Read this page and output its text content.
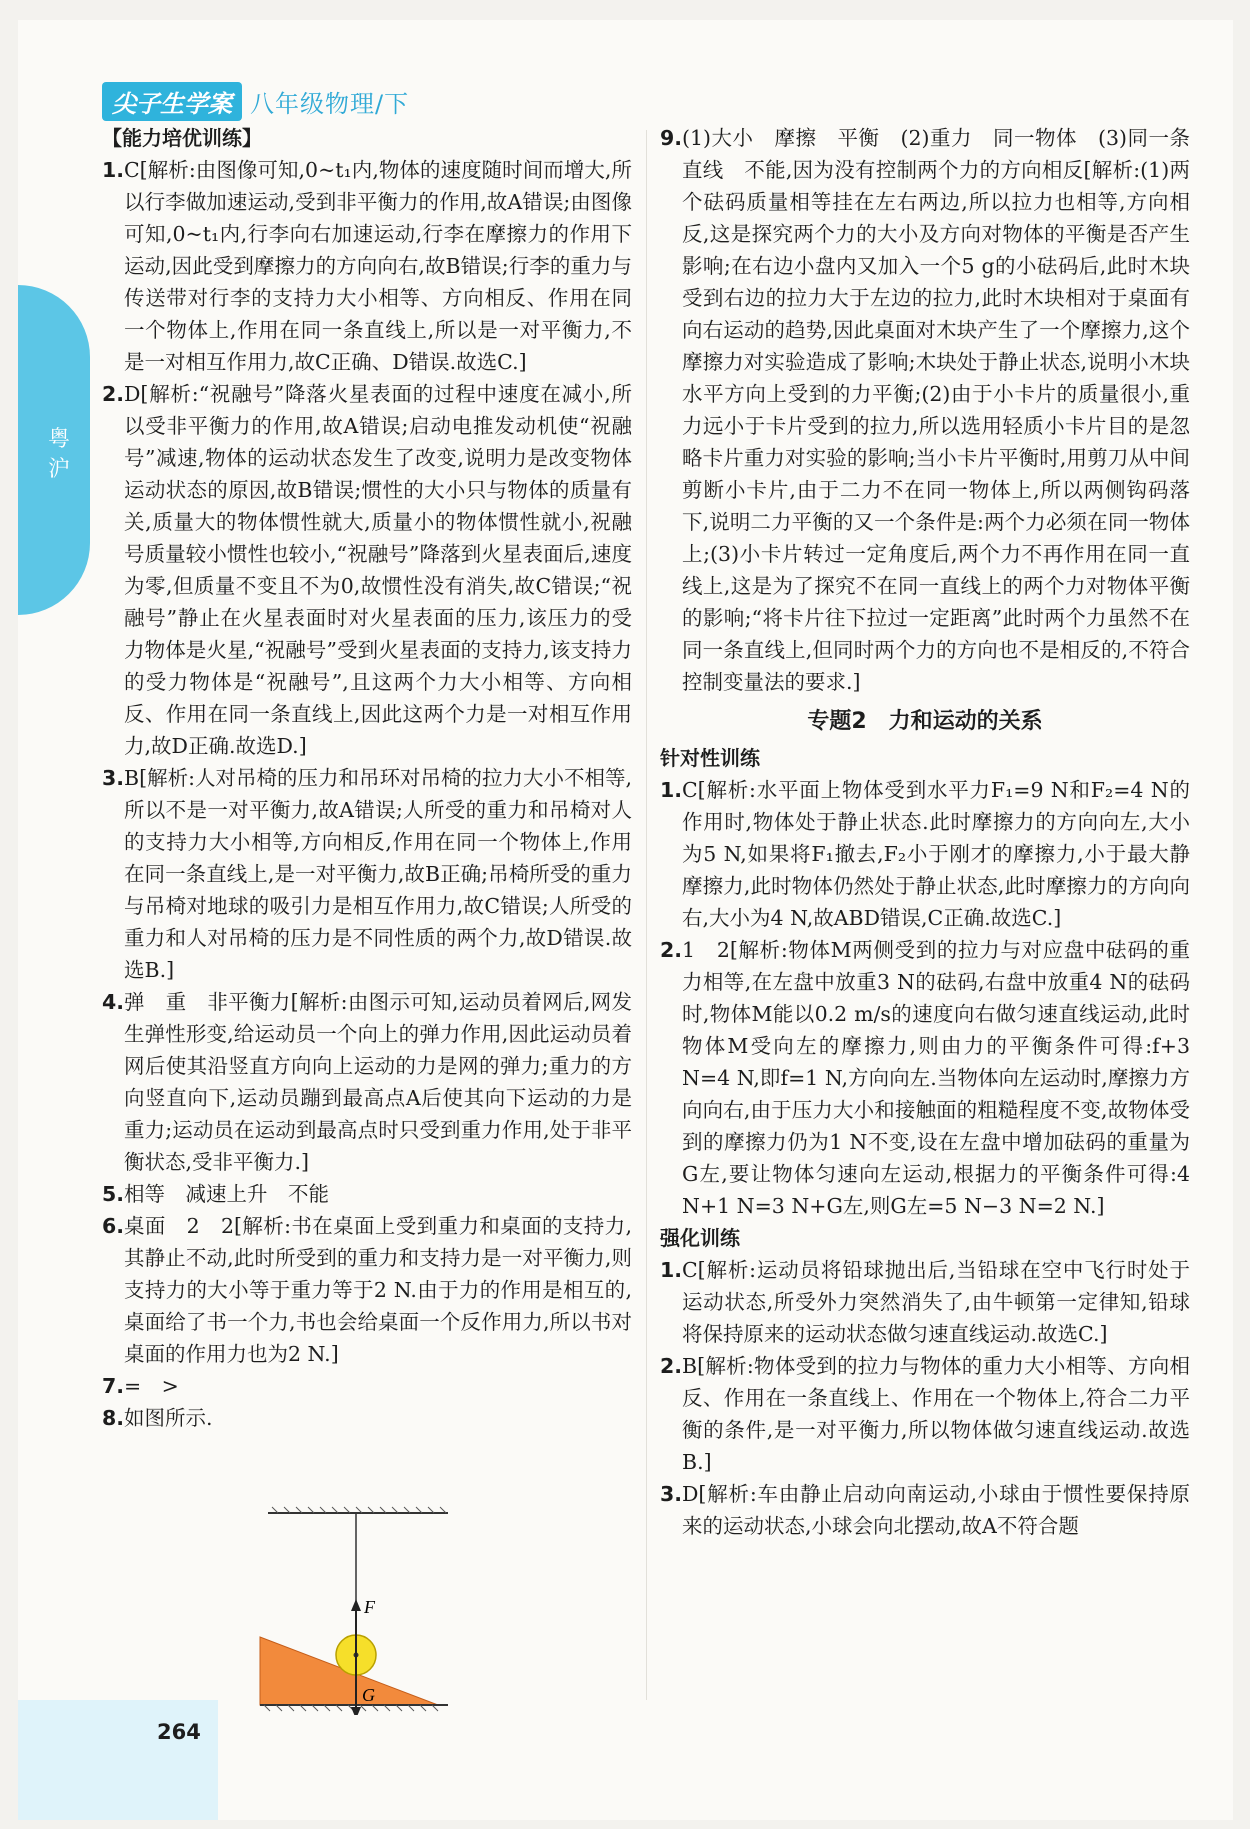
粤沪
尖子生学案 八年级物理/下
【能力培优训练】
1. C[解析:由图像可知,0~t₁内,物体的速度随时间而增大,所以行李做加速运动,受到非平衡力的作用,故A错误;由图像可知,0~t₁内,行李向右加速运动,行李在摩擦力的作用下运动,因此受到摩擦力的方向向右,故B错误;行李的重力与传送带对行李的支持力大小相等、方向相反、作用在同一个物体上,作用在同一条直线上,所以是一对平衡力,不是一对相互作用力,故C正确、D错误.故选C.]
2. D[解析:“祝融号”降落火星表面的过程中速度在减小,所以受非平衡力的作用,故A错误;启动电推发动机使“祝融号”减速,物体的运动状态发生了改变,说明力是改变物体运动状态的原因,故B错误;惯性的大小只与物体的质量有关,质量大的物体惯性就大,质量小的物体惯性就小,祝融号质量较小惯性也较小,“祝融号”降落到火星表面后,速度为零,但质量不变且不为0,故惯性没有消失,故C错误;“祝融号”静止在火星表面时对火星表面的压力,该压力的受力物体是火星,“祝融号”受到火星表面的支持力,该支持力的受力物体是“祝融号”,且这两个力大小相等、方向相反、作用在同一条直线上,因此这两个力是一对相互作用力,故D正确.故选D.]
3. B[解析:人对吊椅的压力和吊环对吊椅的拉力大小不相等,所以不是一对平衡力,故A错误;人所受的重力和吊椅对人的支持力大小相等,方向相反,作用在同一个物体上,作用在同一条直线上,是一对平衡力,故B正确;吊椅所受的重力与吊椅对地球的吸引力是相互作用力,故C错误;人所受的重力和人对吊椅的压力是不同性质的两个力,故D错误.故选B.]
4. 弹　重　非平衡力[解析:由图示可知,运动员着网后,网发生弹性形变,给运动员一个向上的弹力作用,因此运动员着网后使其沿竖直方向向上运动的力是网的弹力;重力的方向竖直向下,运动员蹦到最高点A后使其向下运动的力是重力;运动员在运动到最高点时只受到重力作用,处于非平衡状态,受非平衡力.]
5. 相等　减速上升　不能
6. 桌面　2　2[解析:书在桌面上受到重力和桌面的支持力,其静止不动,此时所受到的重力和支持力是一对平衡力,则支持力的大小等于重力等于2 N.由于力的作用是相互的,桌面给了书一个力,书也会给桌面一个反作用力,所以书对桌面的作用力也为2 N.]
7. =　>
8. 如图所示.
9. (1)大小　摩擦　平衡　(2)重力　同一物体　(3)同一条直线　不能,因为没有控制两个力的方向相反[解析:(1)两个砝码质量相等挂在左右两边,所以拉力也相等,方向相反,这是探究两个力的大小及方向对物体的平衡是否产生影响;在右边小盘内又加入一个5 g的小砝码后,此时木块受到右边的拉力大于左边的拉力,此时木块相对于桌面有向右运动的趋势,因此桌面对木块产生了一个摩擦力,这个摩擦力对实验造成了影响;木块处于静止状态,说明小木块水平方向上受到的力平衡;(2)由于小卡片的质量很小,重力远小于卡片受到的拉力,所以选用轻质小卡片目的是忽略卡片重力对实验的影响;当小卡片平衡时,用剪刀从中间剪断小卡片,由于二力不在同一物体上,所以两侧钩码落下,说明二力平衡的又一个条件是:两个力必须在同一物体上;(3)小卡片转过一定角度后,两个力不再作用在同一直线上,这是为了探究不在同一直线上的两个力对物体平衡的影响;“将卡片往下拉过一定距离”此时两个力虽然不在同一条直线上,但同时两个力的方向也不是相反的,不符合控制变量法的要求.]
专题2　力和运动的关系
针对性训练
1. C[解析:水平面上物体受到水平力F₁=9 N和F₂=4 N的作用时,物体处于静止状态.此时摩擦力的方向向左,大小为5 N,如果将F₁撤去,F₂小于刚才的摩擦力,小于最大静摩擦力,此时物体仍然处于静止状态,此时摩擦力的方向向右,大小为4 N,故ABD错误,C正确.故选C.]
2. 1　2[解析:物体M两侧受到的拉力与对应盘中砝码的重力相等,在左盘中放重3 N的砝码,右盘中放重4 N的砝码时,物体M能以0.2 m/s的速度向右做匀速直线运动,此时物体M受向左的摩擦力,则由力的平衡条件可得:f+3 N=4 N,即f=1 N,方向向左.当物体向左运动时,摩擦力方向向右,由于压力大小和接触面的粗糙程度不变,故物体受到的摩擦力仍为1 N不变,设在左盘中增加砝码的重量为G左,要让物体匀速向左运动,根据力的平衡条件可得:4 N+1 N=3 N+G左,则G左=5 N−3 N=2 N.]
强化训练
1. C[解析:运动员将铅球抛出后,当铅球在空中飞行时处于运动状态,所受外力突然消失了,由牛顿第一定律知,铅球将保持原来的运动状态做匀速直线运动.故选C.]
2. B[解析:物体受到的拉力与物体的重力大小相等、方向相反、作用在一条直线上、作用在一个物体上,符合二力平衡的条件,是一对平衡力,所以物体做匀速直线运动.故选B.]
3. D[解析:车由静止启动向南运动,小球由于惯性要保持原来的运动状态,小球会向北摆动,故A不符合题
F
G
264
